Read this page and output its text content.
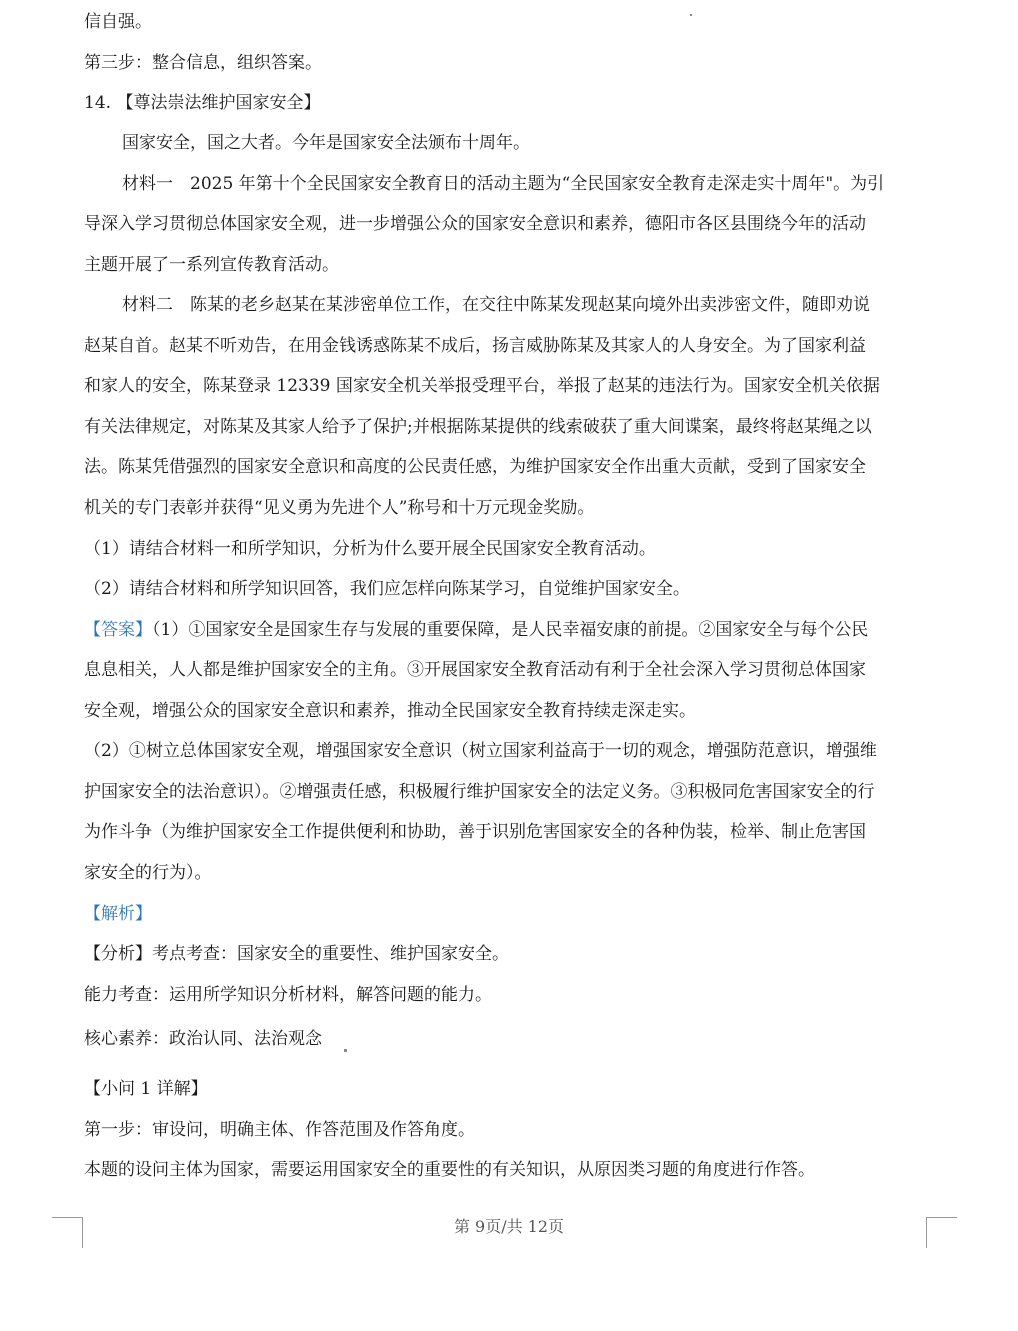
信自强。
第三步：整合信息，组织答案。
14. 【尊法崇法维护国家安全】
国家安全，国之大者。今年是国家安全法颁布十周年。
材料一　2025 年第十个全民国家安全教育日的活动主题为“全民国家安全教育走深走实十周年"。为引
导深入学习贯彻总体国家安全观，进一步增强公众的国家安全意识和素养，德阳市各区县围绕今年的活动
主题开展了一系列宣传教育活动。
材料二　陈某的老乡赵某在某涉密单位工作，在交往中陈某发现赵某向境外出卖涉密文件，随即劝说
赵某自首。赵某不听劝告，在用金钱诱惑陈某不成后，扬言威胁陈某及其家人的人身安全。为了国家利益
和家人的安全，陈某登录 12339 国家安全机关举报受理平台，举报了赵某的违法行为。国家安全机关依据
有关法律规定，对陈某及其家人给予了保护;并根据陈某提供的线索破获了重大间谍案，最终将赵某绳之以
法。陈某凭借强烈的国家安全意识和高度的公民责任感，为维护国家安全作出重大贡献，受到了国家安全
机关的专门表彰并获得“见义勇为先进个人”称号和十万元现金奖励。
（1）请结合材料一和所学知识，分析为什么要开展全民国家安全教育活动。
（2）请结合材料和所学知识回答，我们应怎样向陈某学习，自觉维护国家安全。
【答案】（1）①国家安全是国家生存与发展的重要保障，是人民幸福安康的前提。②国家安全与每个公民
息息相关，人人都是维护国家安全的主角。③开展国家安全教育活动有利于全社会深入学习贯彻总体国家
安全观，增强公众的国家安全意识和素养，推动全民国家安全教育持续走深走实。
（2）①树立总体国家安全观，增强国家安全意识（树立国家利益高于一切的观念，增强防范意识，增强维
护国家安全的法治意识）。②增强责任感，积极履行维护国家安全的法定义务。③积极同危害国家安全的行
为作斗争（为维护国家安全工作提供便利和协助，善于识别危害国家安全的各种伪装，检举、制止危害国
家安全的行为）。
【解析】
【分析】考点考查：国家安全的重要性、维护国家安全。
能力考查：运用所学知识分析材料，解答问题的能力。
核心素养：政治认同、法治观念
【小问 1 详解】
第一步：审设问，明确主体、作答范围及作答角度。
本题的设问主体为国家，需要运用国家安全的重要性的有关知识，从原因类习题的角度进行作答。
第 9页/共 12页
